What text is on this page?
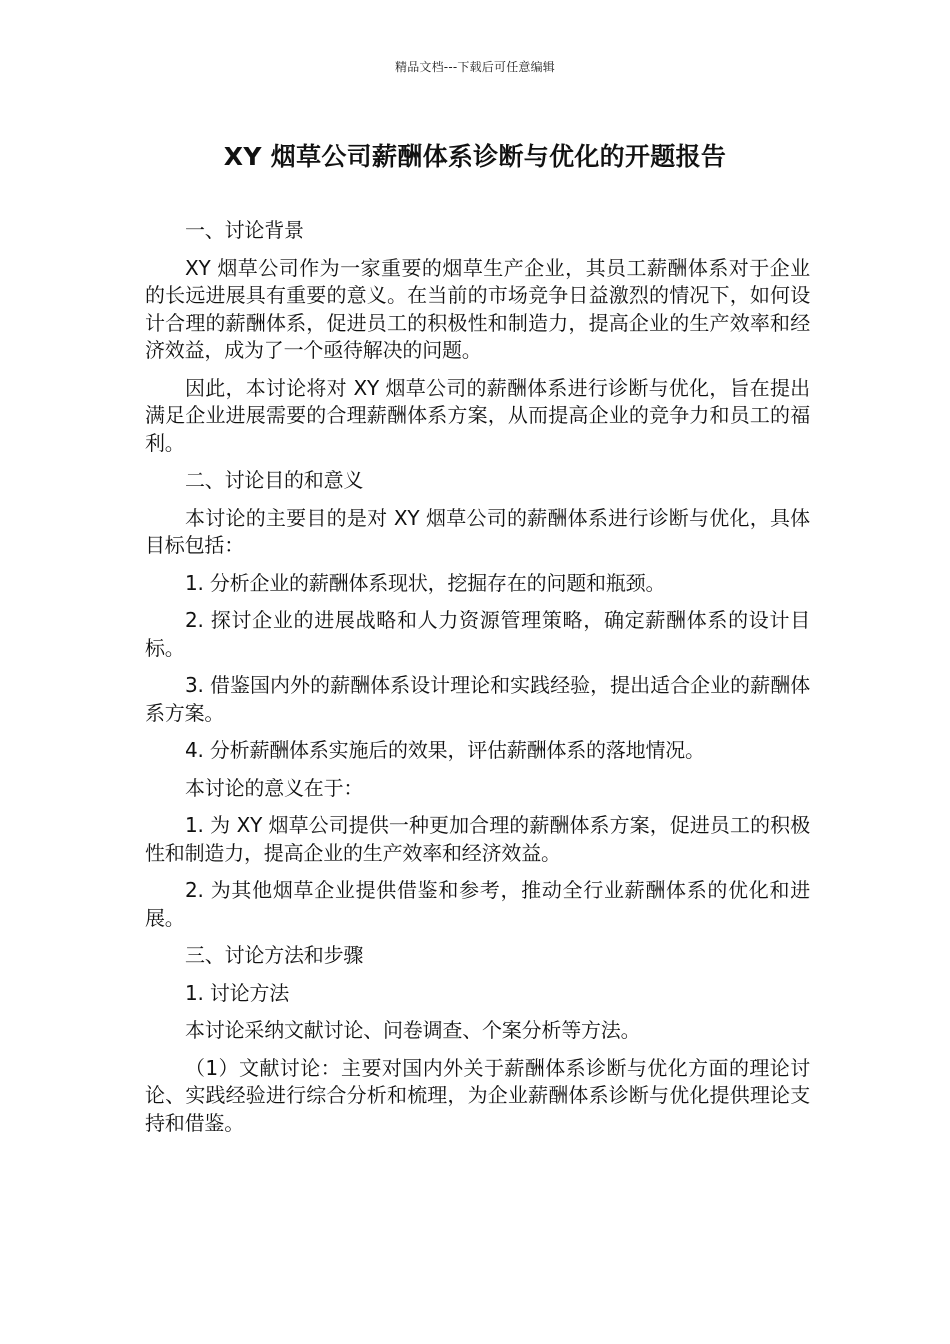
精品文档---下载后可任意编辑
XY 烟草公司薪酬体系诊断与优化的开题报告

一、讨论背景

XY 烟草公司作为一家重要的烟草生产企业，其员工薪酬体系对于企业的长远进展具有重要的意义。在当前的市场竞争日益激烈的情况下，如何设计合理的薪酬体系，促进员工的积极性和制造力，提高企业的生产效率和经济效益，成为了一个亟待解决的问题。

因此，本讨论将对 XY 烟草公司的薪酬体系进行诊断与优化，旨在提出满足企业进展需要的合理薪酬体系方案，从而提高企业的竞争力和员工的福利。

二、讨论目的和意义

本讨论的主要目的是对 XY 烟草公司的薪酬体系进行诊断与优化，具体目标包括：

1. 分析企业的薪酬体系现状，挖掘存在的问题和瓶颈。

2. 探讨企业的进展战略和人力资源管理策略，确定薪酬体系的设计目标。

3. 借鉴国内外的薪酬体系设计理论和实践经验，提出适合企业的薪酬体系方案。

4. 分析薪酬体系实施后的效果，评估薪酬体系的落地情况。

本讨论的意义在于：

1. 为 XY 烟草公司提供一种更加合理的薪酬体系方案，促进员工的积极性和制造力，提高企业的生产效率和经济效益。

2. 为其他烟草企业提供借鉴和参考，推动全行业薪酬体系的优化和进展。

三、讨论方法和步骤

1. 讨论方法

本讨论采纳文献讨论、问卷调查、个案分析等方法。

（1）文献讨论：主要对国内外关于薪酬体系诊断与优化方面的理论讨论、实践经验进行综合分析和梳理，为企业薪酬体系诊断与优化提供理论支持和借鉴。
